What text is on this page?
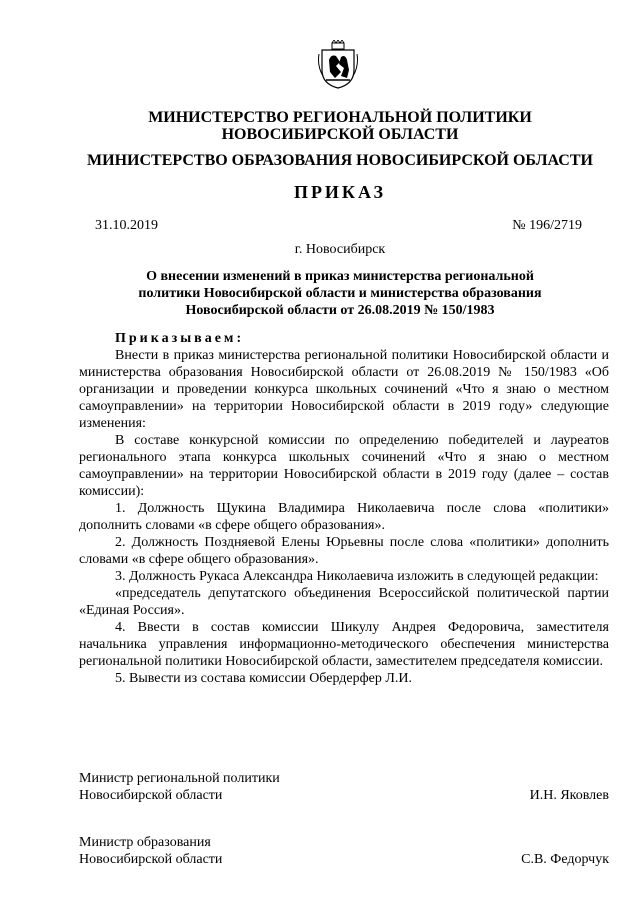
МИНИСТЕРСТВО РЕГИОНАЛЬНОЙ ПОЛИТИКИ
НОВОСИБИРСКОЙ ОБЛАСТИ
МИНИСТЕРСТВО ОБРАЗОВАНИЯ НОВОСИБИРСКОЙ ОБЛАСТИ
ПРИКАЗ
31.10.2019	№ 196/2719
г. Новосибирск
О внесении изменений в приказ министерства региональной
политики Новосибирской области и министерства образования
Новосибирской области от 26.08.2019 № 150/1983

Приказываем:

Внести в приказ министерства региональной политики Новосибирской области и министерства образования Новосибирской области от 26.08.2019 № 150/1983 «Об организации и проведении конкурса школьных сочинений «Что я знаю о местном самоуправлении» на территории Новосибирской области в 2019 году» следующие изменения:

В составе конкурсной комиссии по определению победителей и лауреатов регионального этапа конкурса школьных сочинений «Что я знаю о местном самоуправлении» на территории Новосибирской области в 2019 году (далее – состав комиссии):

1. Должность Щукина Владимира Николаевича после слова «политики» дополнить словами «в сфере общего образования».

2. Должность Поздняевой Елены Юрьевны после слова «политики» дополнить словами «в сфере общего образования».

3. Должность Рукаса Александра Николаевича изложить в следующей редакции:

«председатель депутатского объединения Всероссийской политической партии «Единая Россия».

4. Ввести в состав комиссии Шикулу Андрея Федоровича, заместителя начальника управления информационно-методического обеспечения министерства региональной политики Новосибирской области, заместителем председателя комиссии.

5. Вывести из состава комиссии Обердерфер Л.И.

Министр региональной политики
Новосибирской области	И.Н. Яковлев
Министр образования
Новосибирской области	С.В. Федорчук
